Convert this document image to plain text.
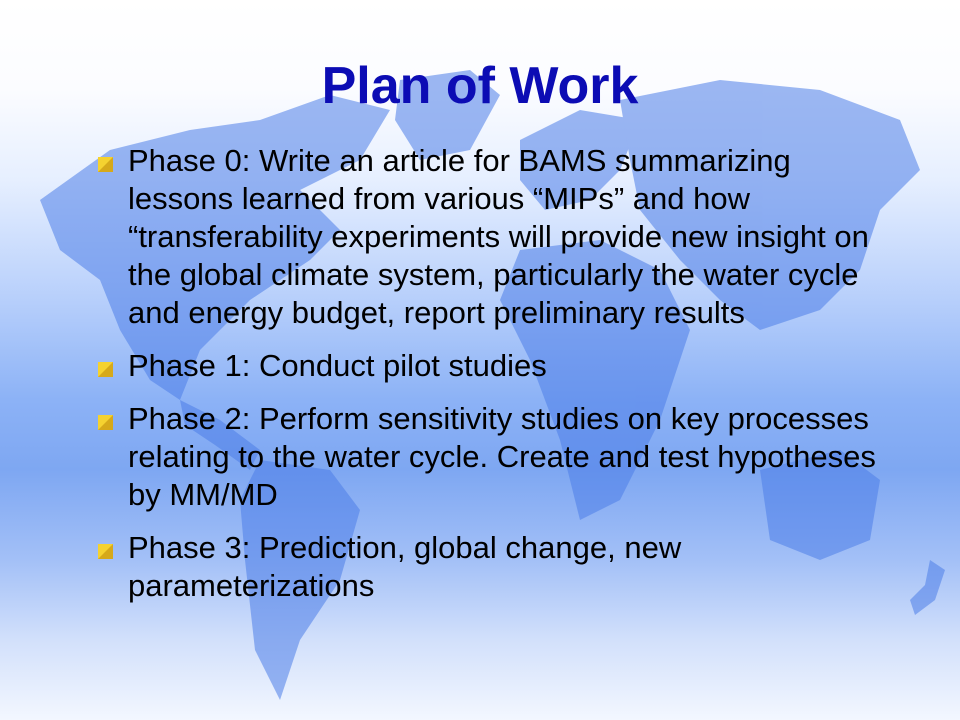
Plan of Work
Phase 0: Write an article for BAMS summarizing lessons learned from various “MIPs” and how “transferability experiments will provide new insight on the global climate system, particularly the water cycle and energy budget, report preliminary results
Phase 1: Conduct pilot studies
Phase 2: Perform sensitivity studies on key processes relating to the water cycle. Create and test hypotheses by MM/MD
Phase 3: Prediction, global change, new parameterizations
